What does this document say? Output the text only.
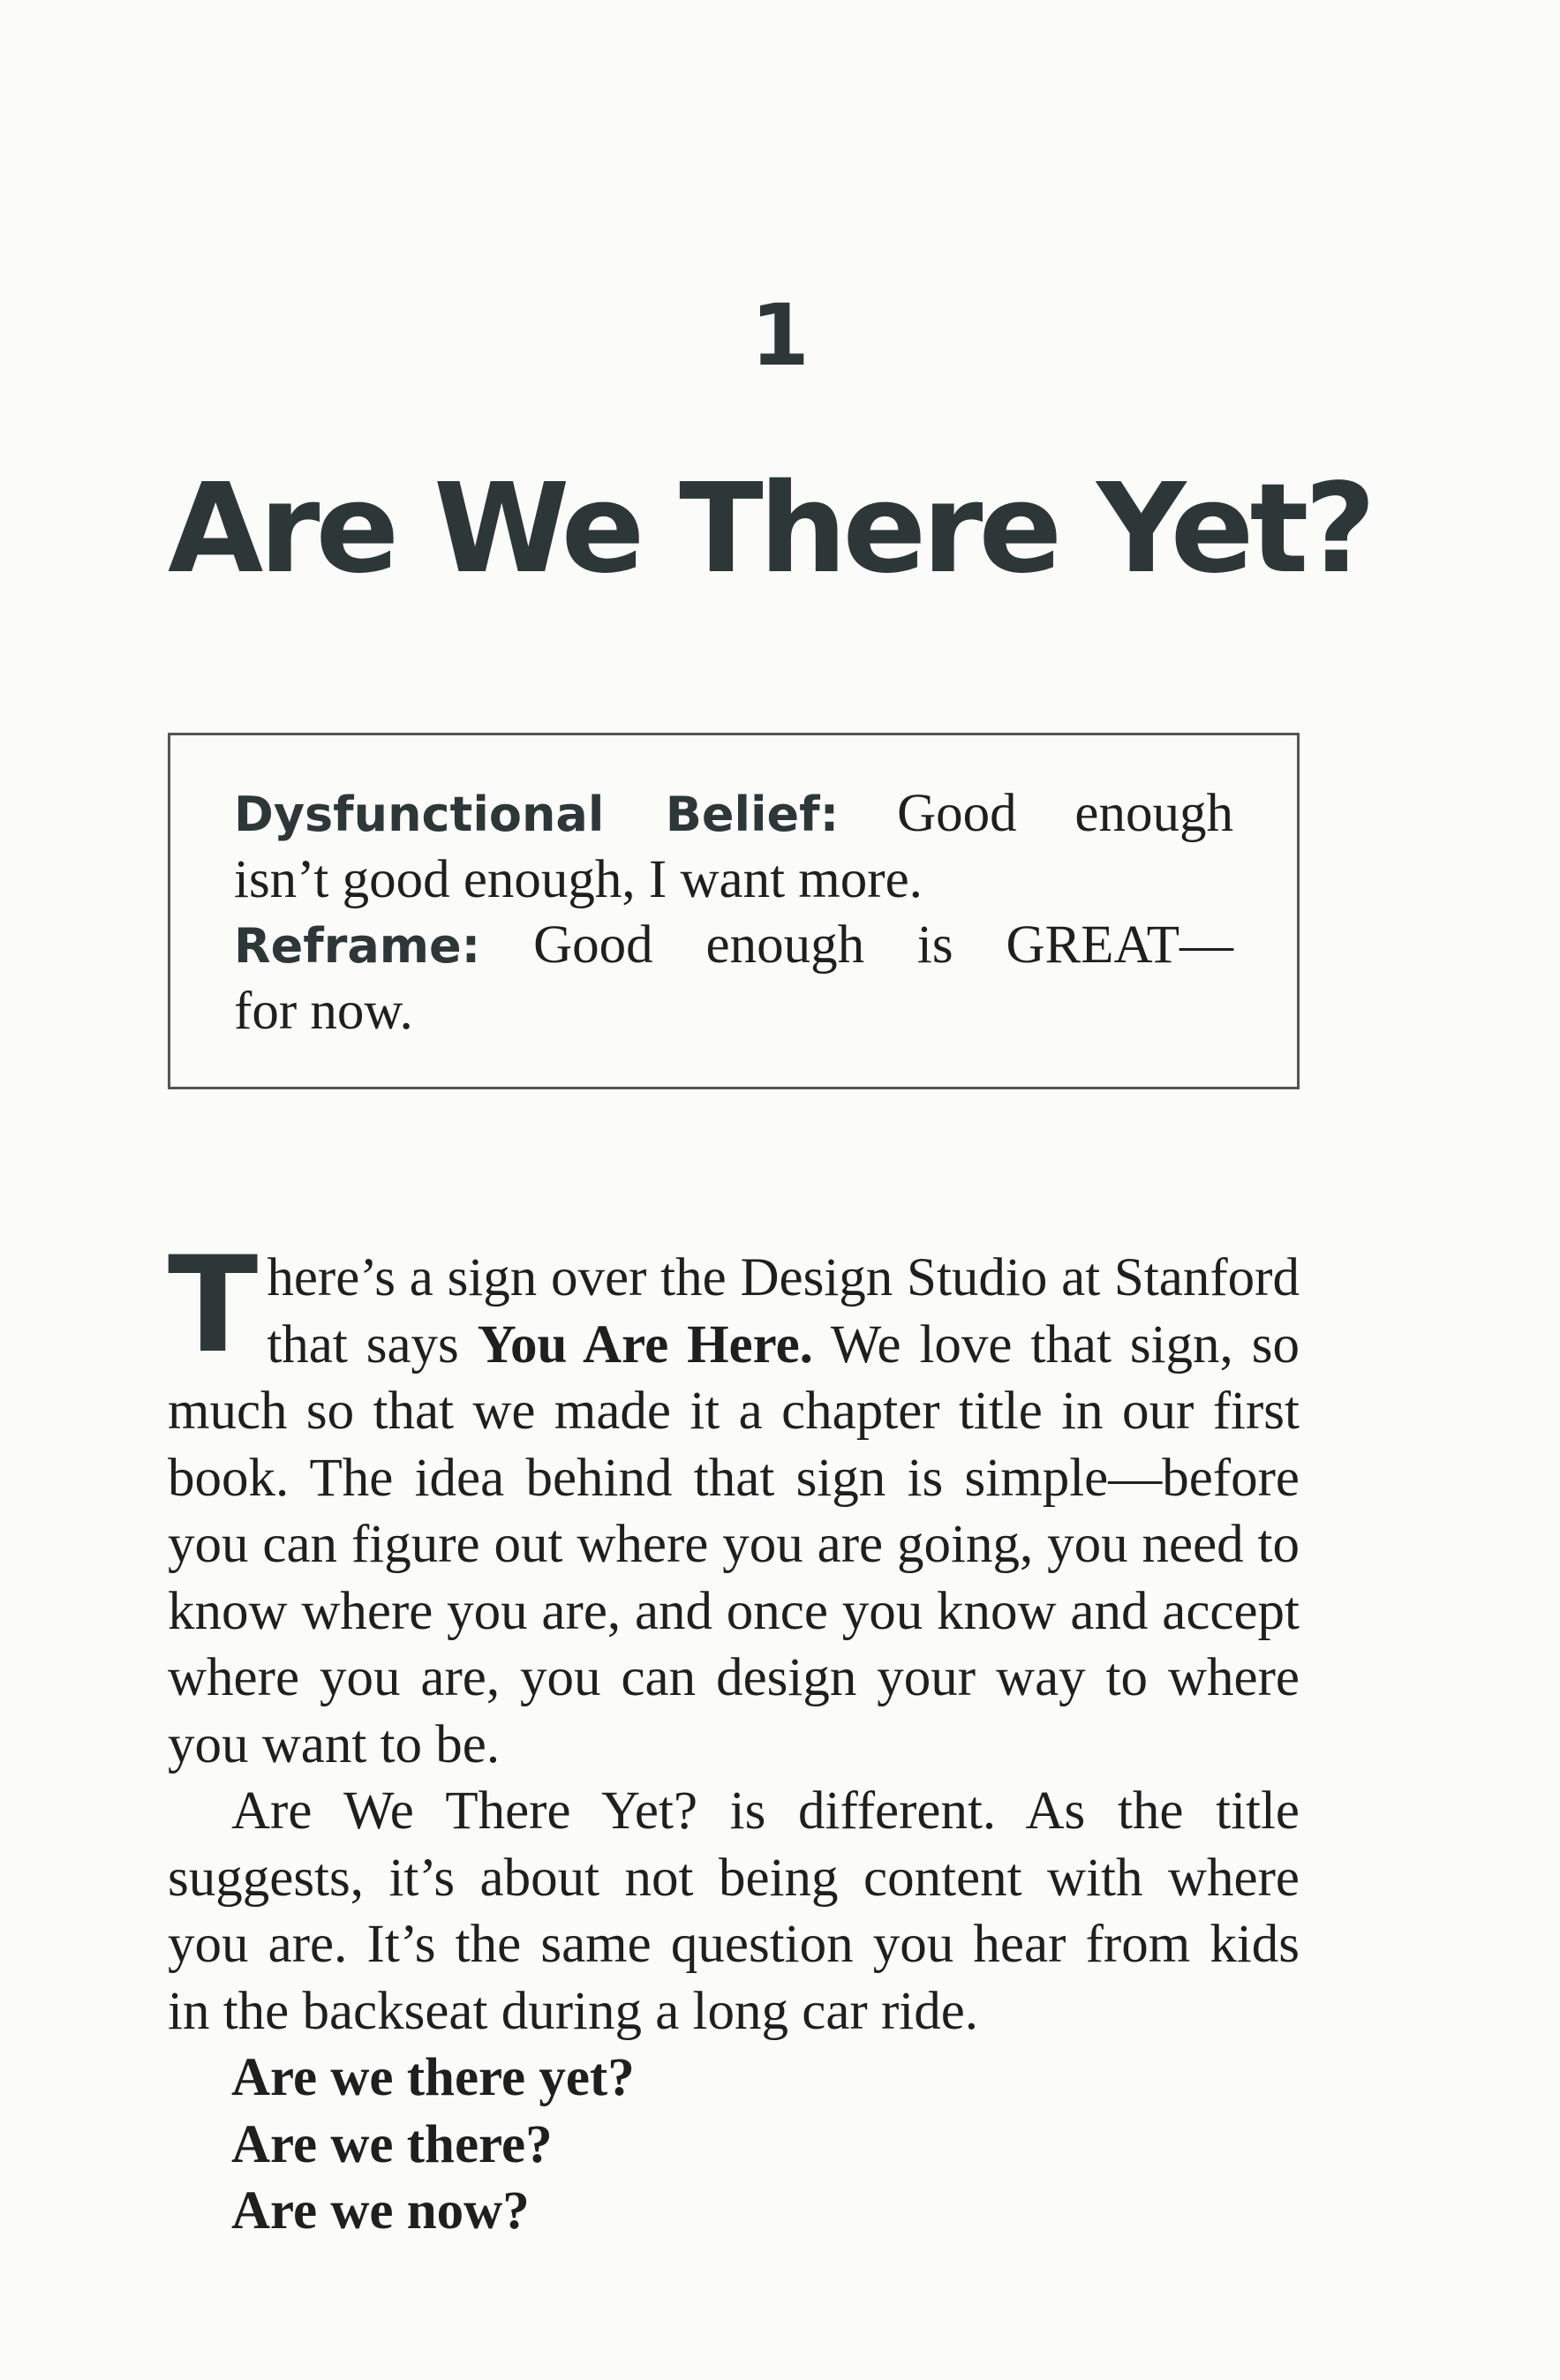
1
Are We There Yet?
Dysfunctional Belief: Good enough
isn’t good enough, I want more.
Reframe: Good enough is GREAT—
for now.

There’s a sign over the Design Studio at Stanford that says You Are Here. We love that sign, so much so that we made it a chapter title in our first book. The idea behind that sign is simple—before you can figure out where you are going, you need to know where you are, and once you know and accept where you are, you can design your way to where you want to be.

Are We There Yet? is different. As the title suggests, it’s about not being content with where you are. It’s the same question you hear from kids in the backseat during a long car ride.

Are we there yet?

Are we there?

Are we now?
